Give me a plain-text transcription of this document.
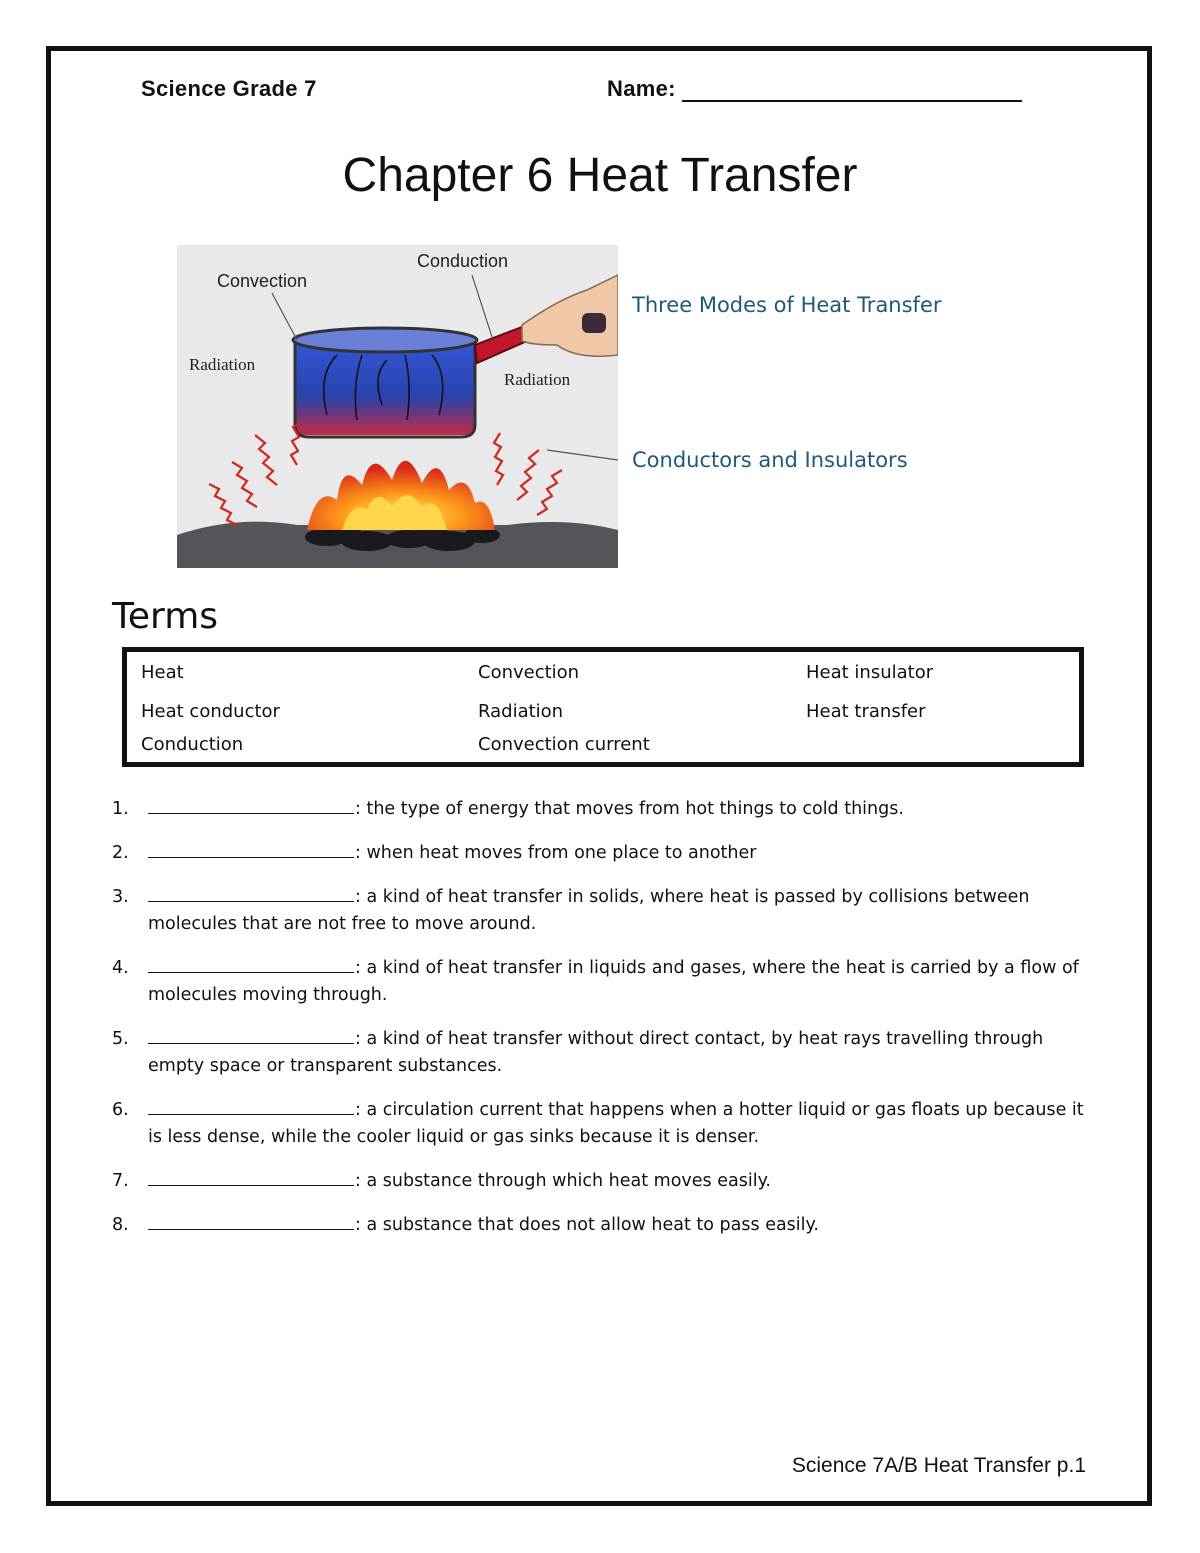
Science Grade 7	Name:
Chapter 6 Heat Transfer
Convection
Conduction
Radiation
Radiation
Three Modes of Heat Transfer
Conductors and Insulators
Terms
Heat	Convection	Heat insulator
Heat conductor	Radiation	Heat transfer
Conduction	Convection current
1.	: the type of energy that moves from hot things to cold things.
2.	: when heat moves from one place to another
3.	: a kind of heat transfer in solids, where heat is passed by collisions between molecules that are not free to move around.
4.	: a kind of heat transfer in liquids and gases, where the heat is carried by a flow of molecules moving through.
5.	: a kind of heat transfer without direct contact, by heat rays travelling through empty space or transparent substances.
6.	: a circulation current that happens when a hotter liquid or gas floats up because it is less dense, while the cooler liquid or gas sinks because it is denser.
7.	: a substance through which heat moves easily.
8.	: a substance that does not allow heat to pass easily.
Science 7A/B Heat Transfer p.1
